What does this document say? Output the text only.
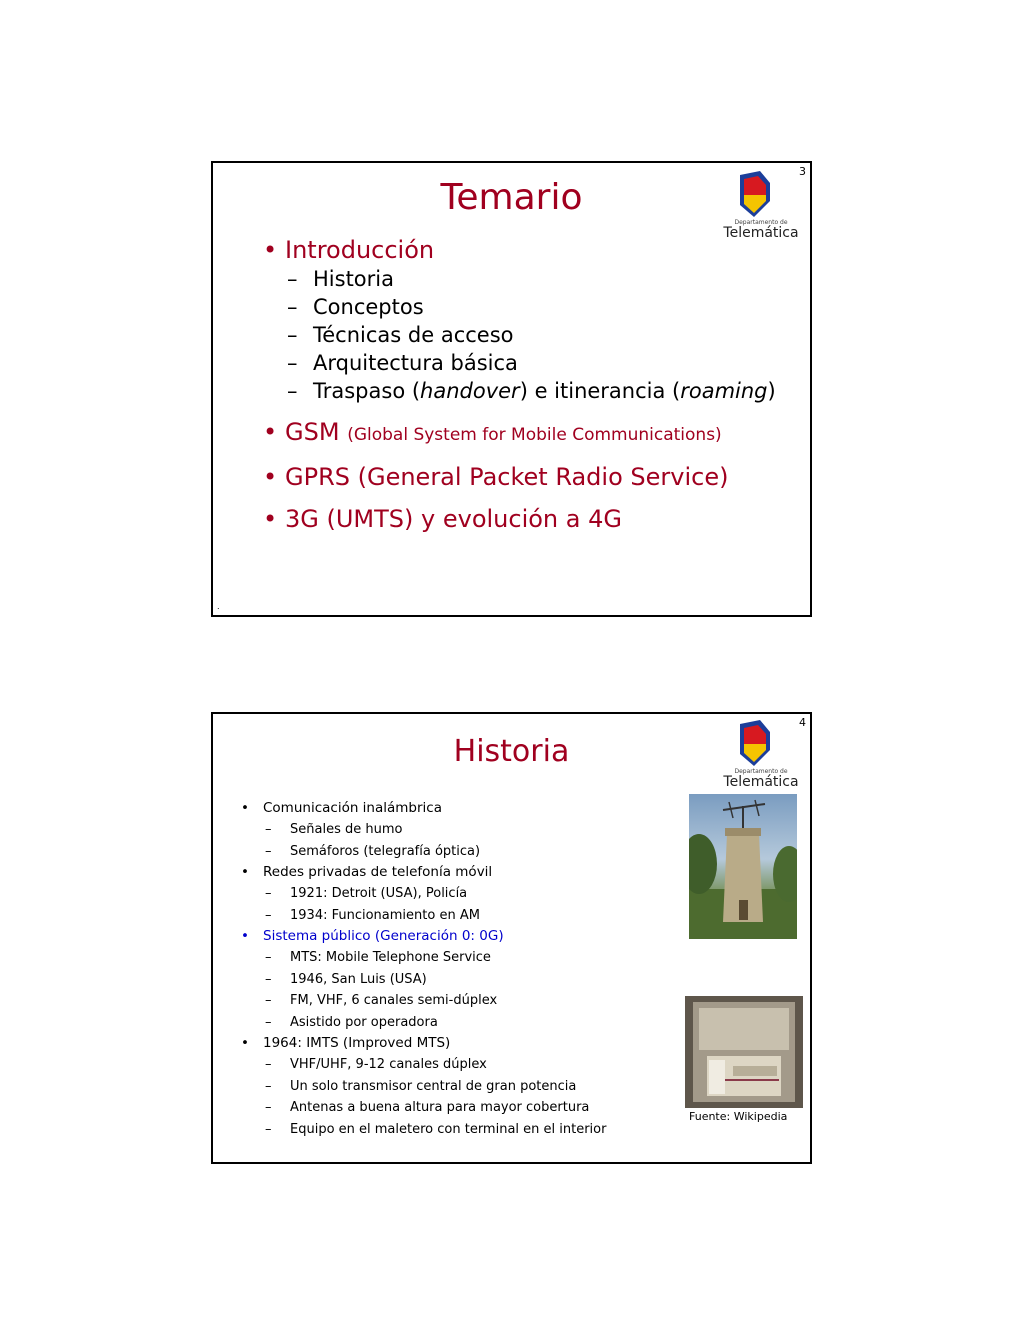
3
Departamento de
Telemática
Temario
• Introducción
– Historia
– Conceptos
– Técnicas de acceso
– Arquitectura básica
– Traspaso (handover) e itinerancia (roaming)
• GSM (Global System for Mobile Communications)
• GPRS (General Packet Radio Service)
• 3G (UMTS) y evolución a 4G
.
4
Departamento de
Telemática
Historia
• Comunicación inalámbrica
– Señales de humo
– Semáforos (telegrafía óptica)
• Redes privadas de telefonía móvil
– 1921: Detroit (USA), Policía
– 1934: Funcionamiento en AM
• Sistema público (Generación 0: 0G)
– MTS: Mobile Telephone Service
– 1946, San Luis (USA)
– FM, VHF, 6 canales semi-dúplex
– Asistido por operadora
• 1964: IMTS (Improved MTS)
– VHF/UHF, 9-12 canales dúplex
– Un solo transmisor central de gran potencia
– Antenas a buena altura para mayor cobertura
– Equipo en el maletero con terminal en el interior
Fuente: Wikipedia
